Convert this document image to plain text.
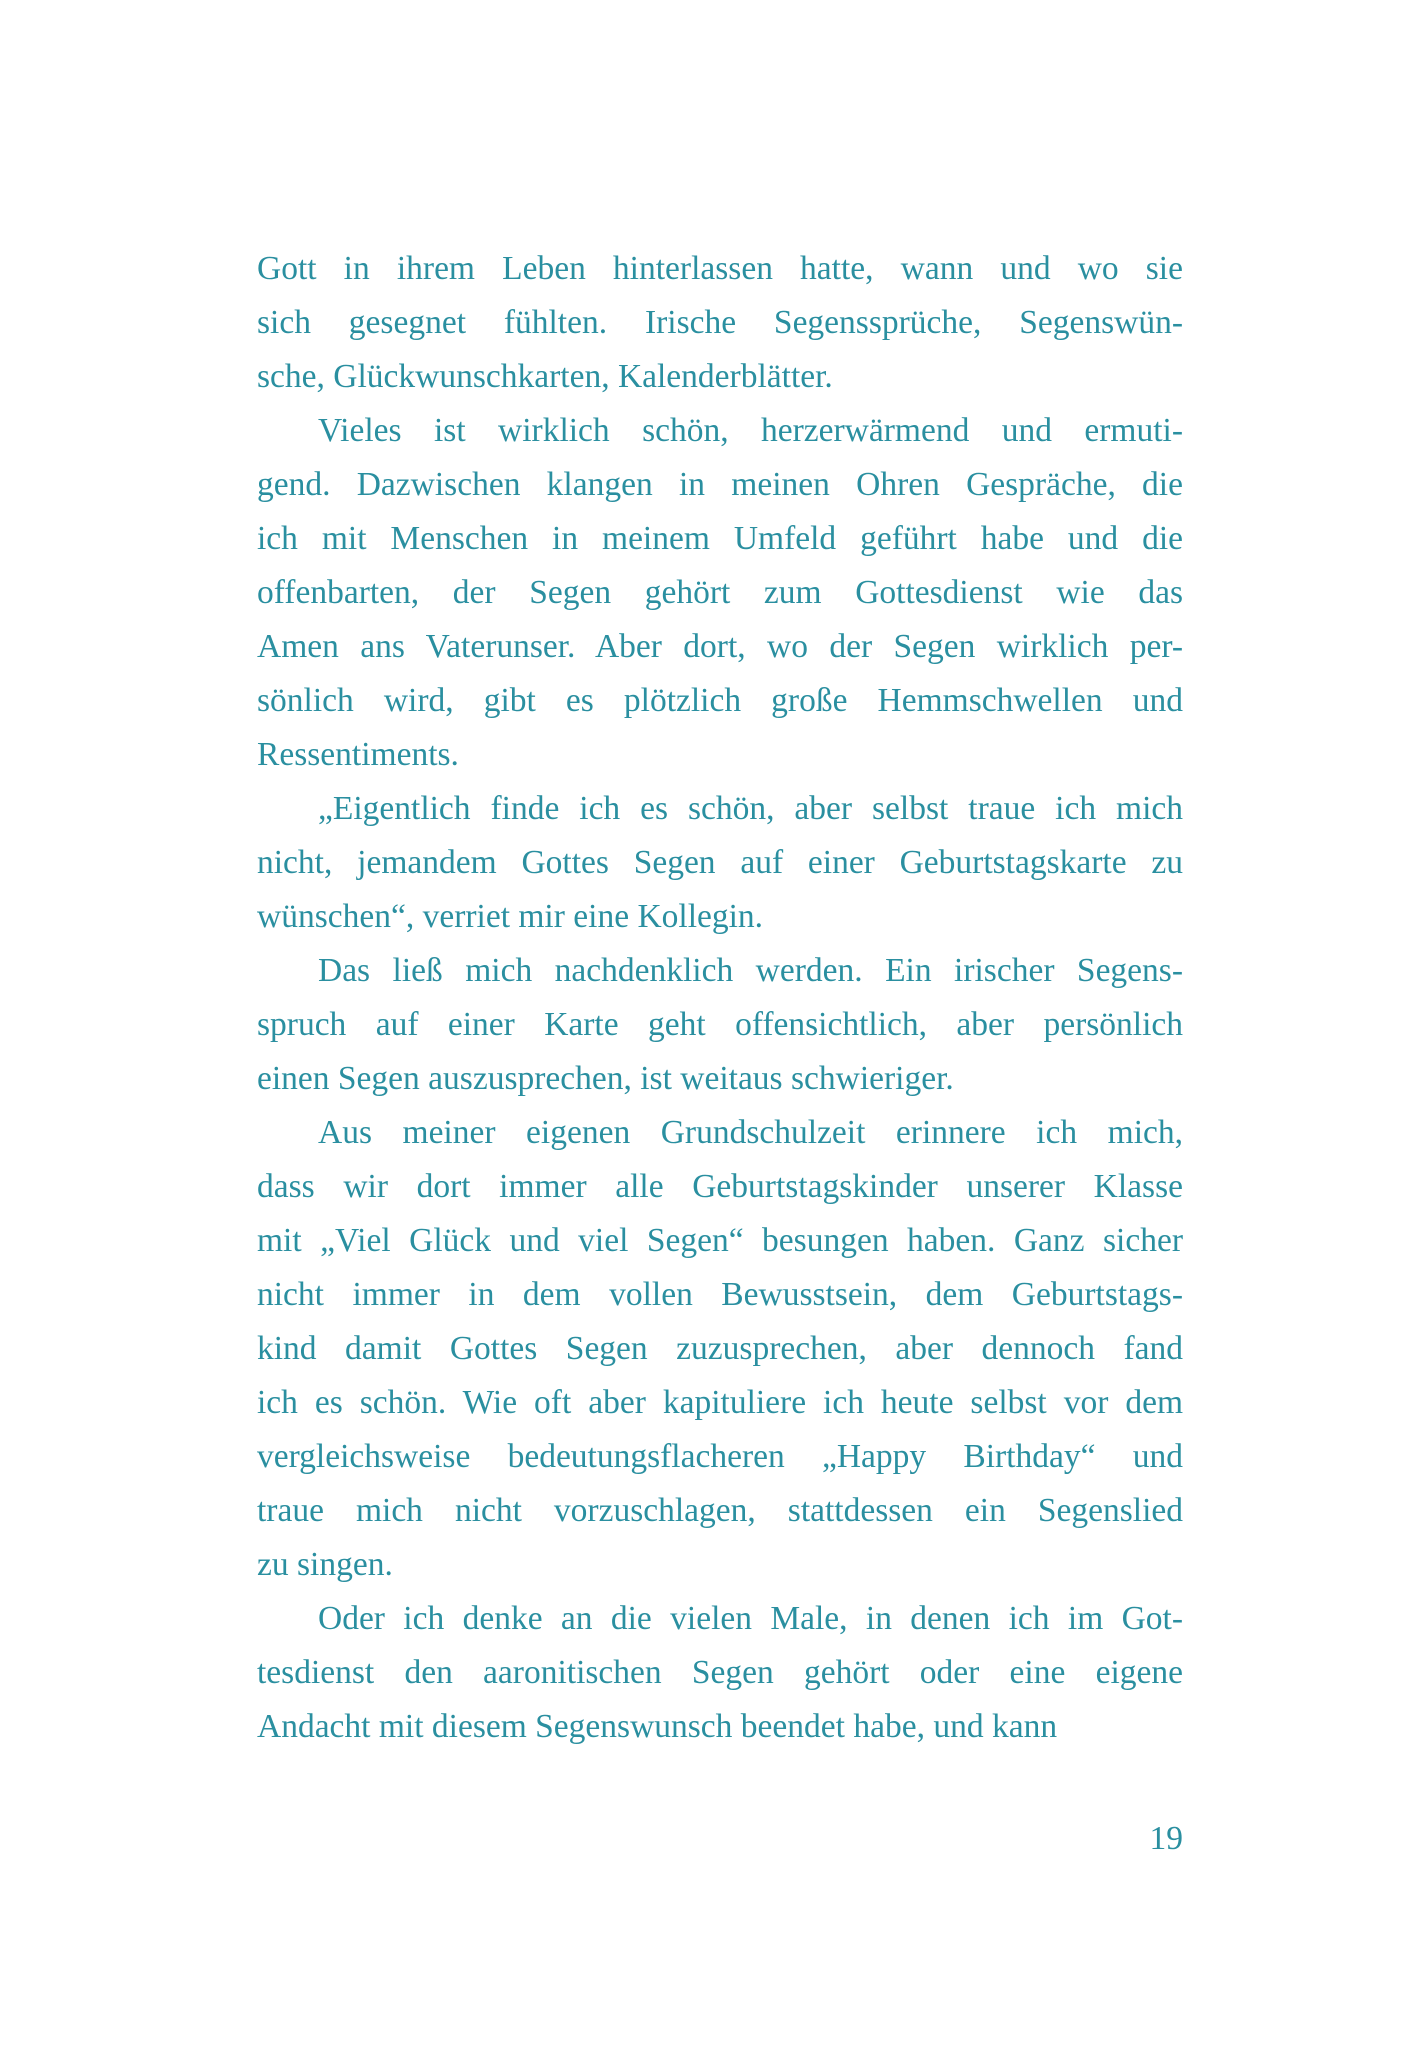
Gott in ihrem Leben hinterlassen hatte, wann und wo sie
sich gesegnet fühlten. Irische Segenssprüche, Segenswün-
sche, Glückwunschkarten, Kalenderblätter.
Vieles ist wirklich schön, herzerwärmend und ermuti-
gend. Dazwischen klangen in meinen Ohren Gespräche, die
ich mit Menschen in meinem Umfeld geführt habe und die
offenbarten, der Segen gehört zum Gottesdienst wie das
Amen ans Vaterunser. Aber dort, wo der Segen wirklich per-
sönlich wird, gibt es plötzlich große Hemmschwellen und
Ressentiments.
„Eigentlich finde ich es schön, aber selbst traue ich mich
nicht, jemandem Gottes Segen auf einer Geburtstagskarte zu
wünschen“, verriet mir eine Kollegin.
Das ließ mich nachdenklich werden. Ein irischer Segens-
spruch auf einer Karte geht offensichtlich, aber persönlich
einen Segen auszusprechen, ist weitaus schwieriger.
Aus meiner eigenen Grundschulzeit erinnere ich mich,
dass wir dort immer alle Geburtstagskinder unserer Klasse
mit „Viel Glück und viel Segen“ besungen haben. Ganz sicher
nicht immer in dem vollen Bewusstsein, dem Geburtstags-
kind damit Gottes Segen zuzusprechen, aber dennoch fand
ich es schön. Wie oft aber kapituliere ich heute selbst vor dem
vergleichsweise bedeutungsflacheren „Happy Birthday“ und
traue mich nicht vorzuschlagen, stattdessen ein Segenslied
zu singen.
Oder ich denke an die vielen Male, in denen ich im Got-
tesdienst den aaronitischen Segen gehört oder eine eigene
Andacht mit diesem Segenswunsch beendet habe, und kann
19
